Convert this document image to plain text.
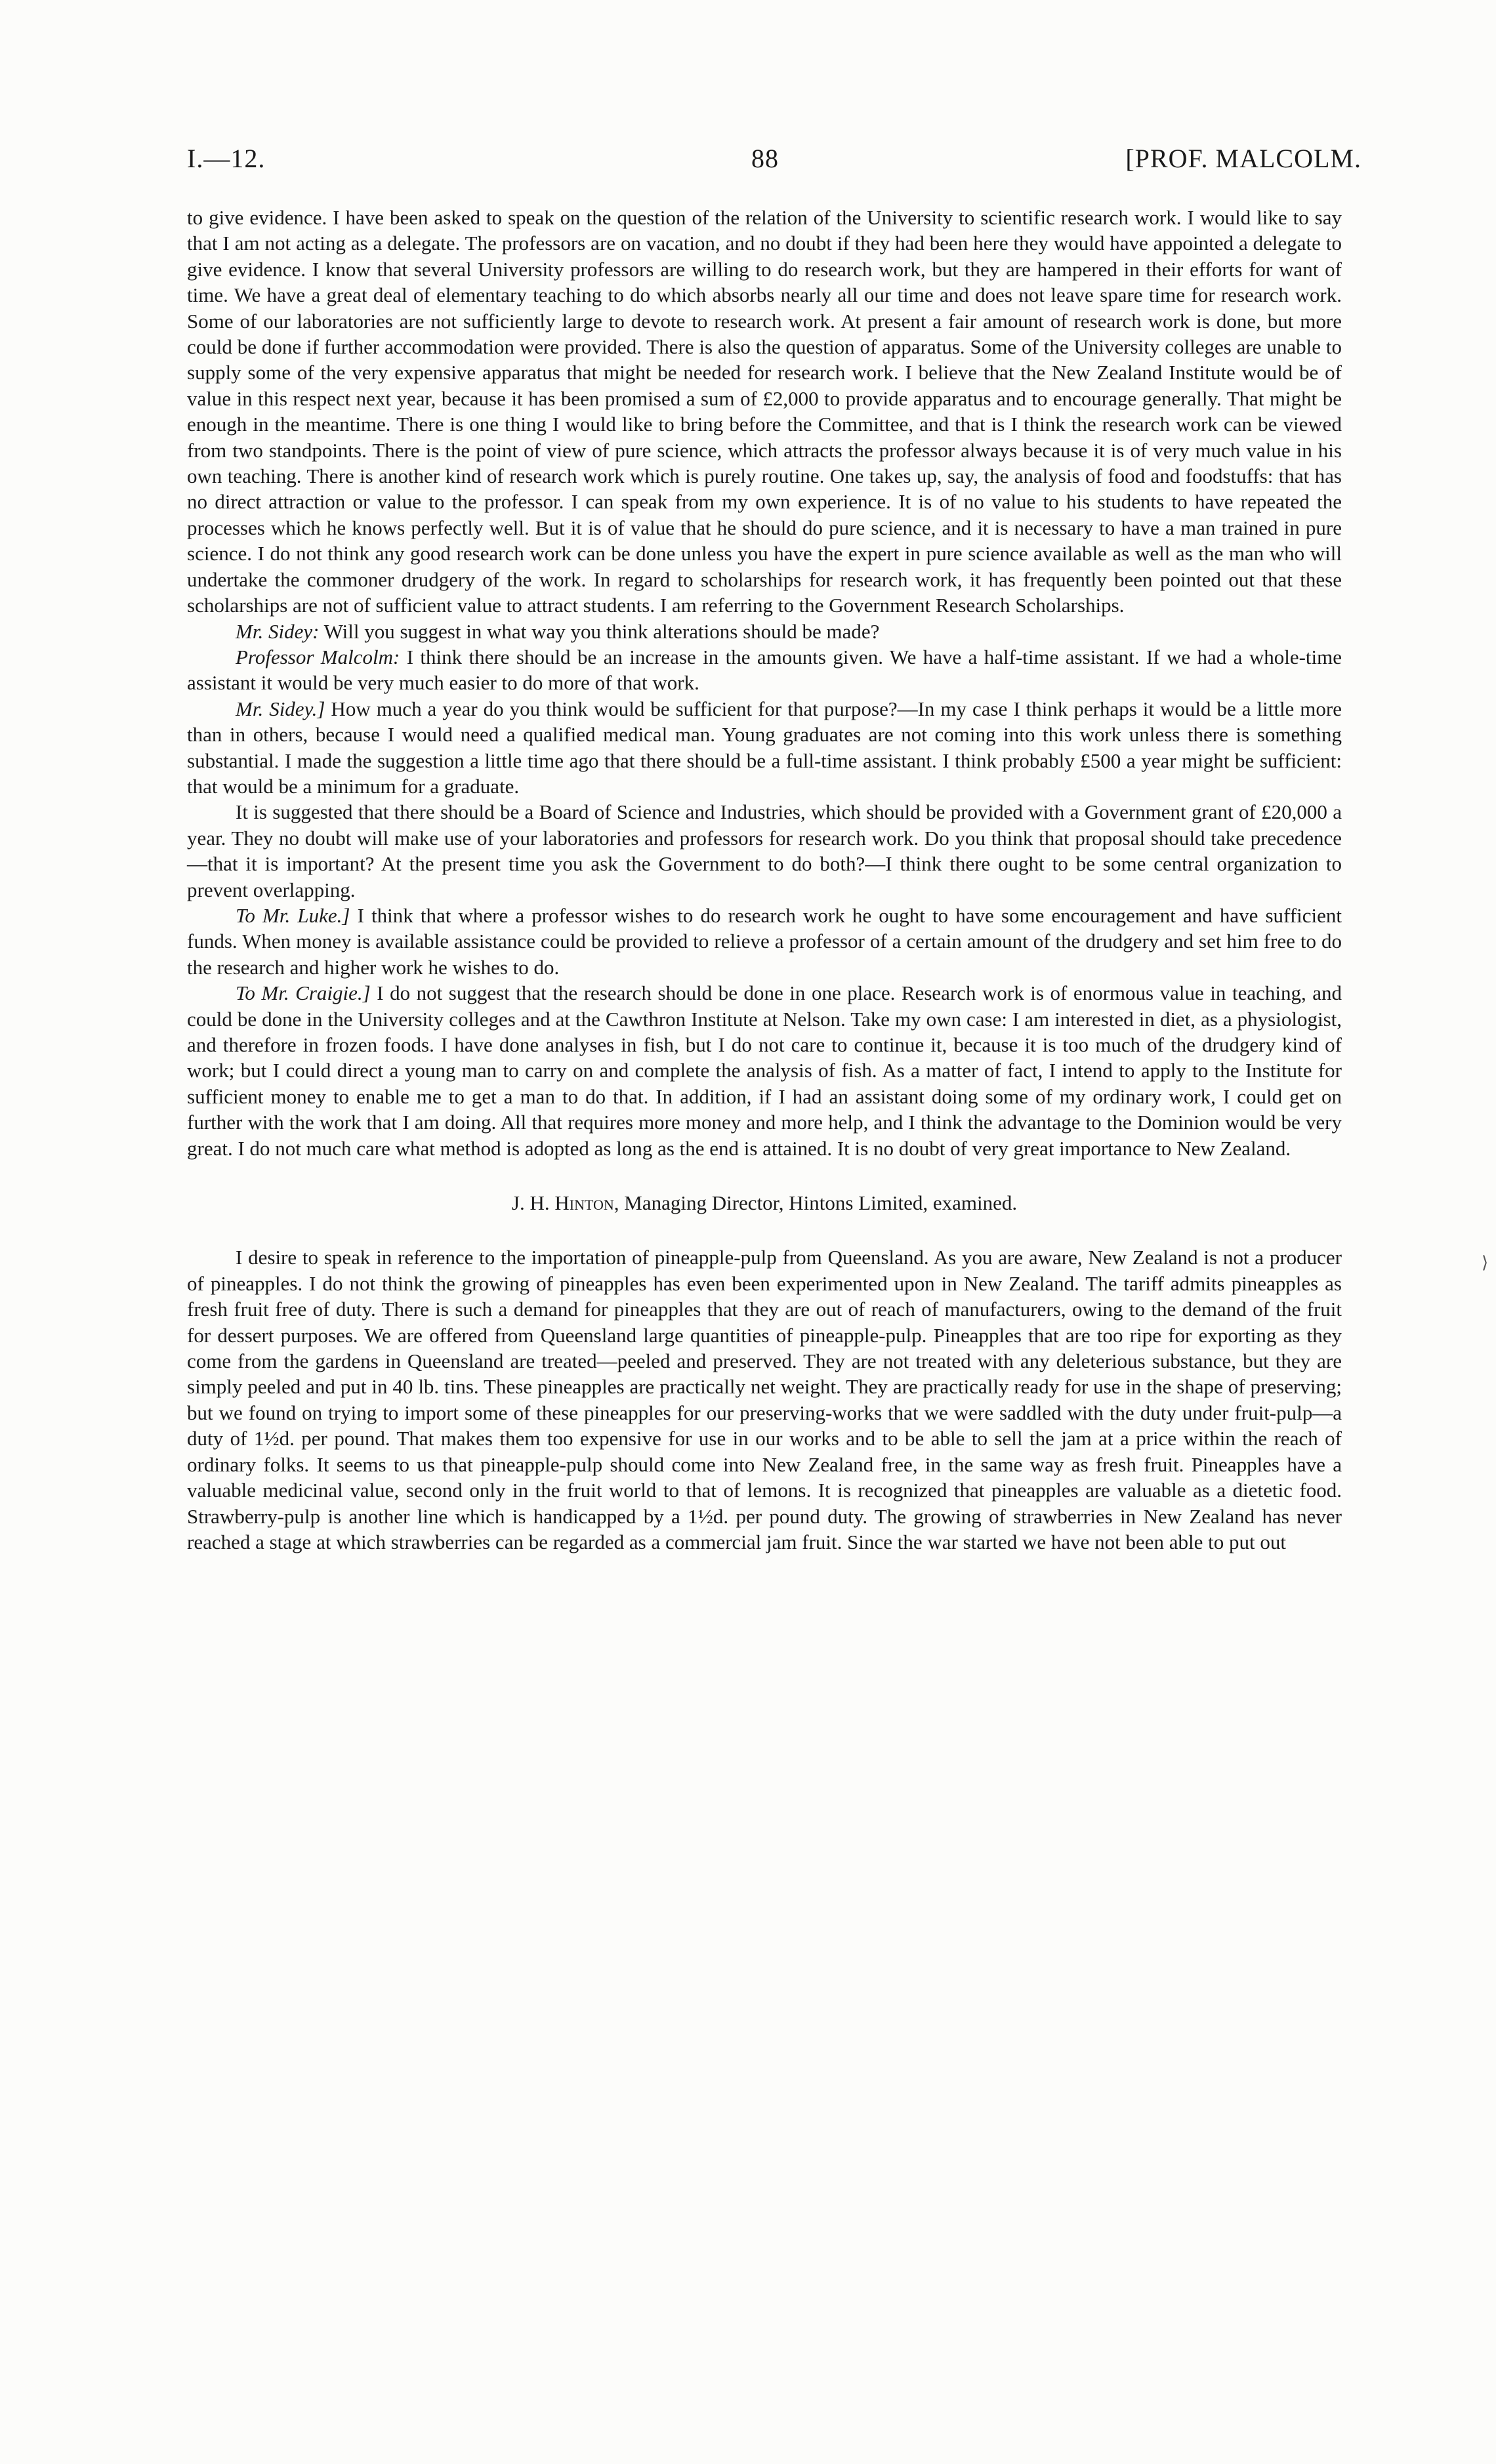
I.—12.	88	[PROF. MALCOLM.

to give evidence. I have been asked to speak on the question of the relation of the University to scientific research work. I would like to say that I am not acting as a delegate. The professors are on vacation, and no doubt if they had been here they would have appointed a delegate to give evidence. I know that several University professors are willing to do research work, but they are hampered in their efforts for want of time. We have a great deal of elementary teaching to do which absorbs nearly all our time and does not leave spare time for research work. Some of our laboratories are not sufficiently large to devote to research work. At present a fair amount of research work is done, but more could be done if further accommodation were provided. There is also the question of apparatus. Some of the University colleges are unable to supply some of the very expensive apparatus that might be needed for research work. I believe that the New Zealand Institute would be of value in this respect next year, because it has been promised a sum of £2,000 to provide apparatus and to encourage generally. That might be enough in the meantime. There is one thing I would like to bring before the Committee, and that is I think the research work can be viewed from two standpoints. There is the point of view of pure science, which attracts the professor always because it is of very much value in his own teaching. There is another kind of research work which is purely routine. One takes up, say, the analysis of food and foodstuffs: that has no direct attraction or value to the professor. I can speak from my own experience. It is of no value to his students to have repeated the processes which he knows perfectly well. But it is of value that he should do pure science, and it is necessary to have a man trained in pure science. I do not think any good research work can be done unless you have the expert in pure science available as well as the man who will undertake the commoner drudgery of the work. In regard to scholarships for research work, it has frequently been pointed out that these scholarships are not of sufficient value to attract students. I am referring to the Government Research Scholarships.

Mr. Sidey: Will you suggest in what way you think alterations should be made?

Professor Malcolm: I think there should be an increase in the amounts given. We have a half-time assistant. If we had a whole-time assistant it would be very much easier to do more of that work.

Mr. Sidey.] How much a year do you think would be sufficient for that purpose?—In my case I think perhaps it would be a little more than in others, because I would need a qualified medical man. Young graduates are not coming into this work unless there is something substantial. I made the suggestion a little time ago that there should be a full-time assistant. I think probably £500 a year might be sufficient: that would be a minimum for a graduate.

It is suggested that there should be a Board of Science and Industries, which should be provided with a Government grant of £20,000 a year. They no doubt will make use of your laboratories and professors for research work. Do you think that proposal should take precedence—that it is important? At the present time you ask the Government to do both?—I think there ought to be some central organization to prevent overlapping.

To Mr. Luke.] I think that where a professor wishes to do research work he ought to have some encouragement and have sufficient funds. When money is available assistance could be provided to relieve a professor of a certain amount of the drudgery and set him free to do the research and higher work he wishes to do.

To Mr. Craigie.] I do not suggest that the research should be done in one place. Research work is of enormous value in teaching, and could be done in the University colleges and at the Cawthron Institute at Nelson. Take my own case: I am interested in diet, as a physiologist, and therefore in frozen foods. I have done analyses in fish, but I do not care to continue it, because it is too much of the drudgery kind of work; but I could direct a young man to carry on and complete the analysis of fish. As a matter of fact, I intend to apply to the Institute for sufficient money to enable me to get a man to do that. In addition, if I had an assistant doing some of my ordinary work, I could get on further with the work that I am doing. All that requires more money and more help, and I think the advantage to the Dominion would be very great. I do not much care what method is adopted as long as the end is attained. It is no doubt of very great importance to New Zealand.

J. H. Hinton, Managing Director, Hintons Limited, examined.

I desire to speak in reference to the importation of pineapple-pulp from Queensland. As you are aware, New Zealand is not a producer of pineapples. I do not think the growing of pineapples has even been experimented upon in New Zealand. The tariff admits pineapples as fresh fruit free of duty. There is such a demand for pineapples that they are out of reach of manufacturers, owing to the demand of the fruit for dessert purposes. We are offered from Queensland large quantities of pineapple-pulp. Pineapples that are too ripe for exporting as they come from the gardens in Queensland are treated—peeled and preserved. They are not treated with any deleterious substance, but they are simply peeled and put in 40 lb. tins. These pineapples are practically net weight. They are practically ready for use in the shape of preserving; but we found on trying to import some of these pineapples for our preserving-works that we were saddled with the duty under fruit-pulp—a duty of 1½d. per pound. That makes them too expensive for use in our works and to be able to sell the jam at a price within the reach of ordinary folks. It seems to us that pineapple-pulp should come into New Zealand free, in the same way as fresh fruit. Pineapples have a valuable medicinal value, second only in the fruit world to that of lemons. It is recognized that pineapples are valuable as a dietetic food. Strawberry-pulp is another line which is handicapped by a 1½d. per pound duty. The growing of strawberries in New Zealand has never reached a stage at which strawberries can be regarded as a commercial jam fruit. Since the war started we have not been able to put out

⟩
